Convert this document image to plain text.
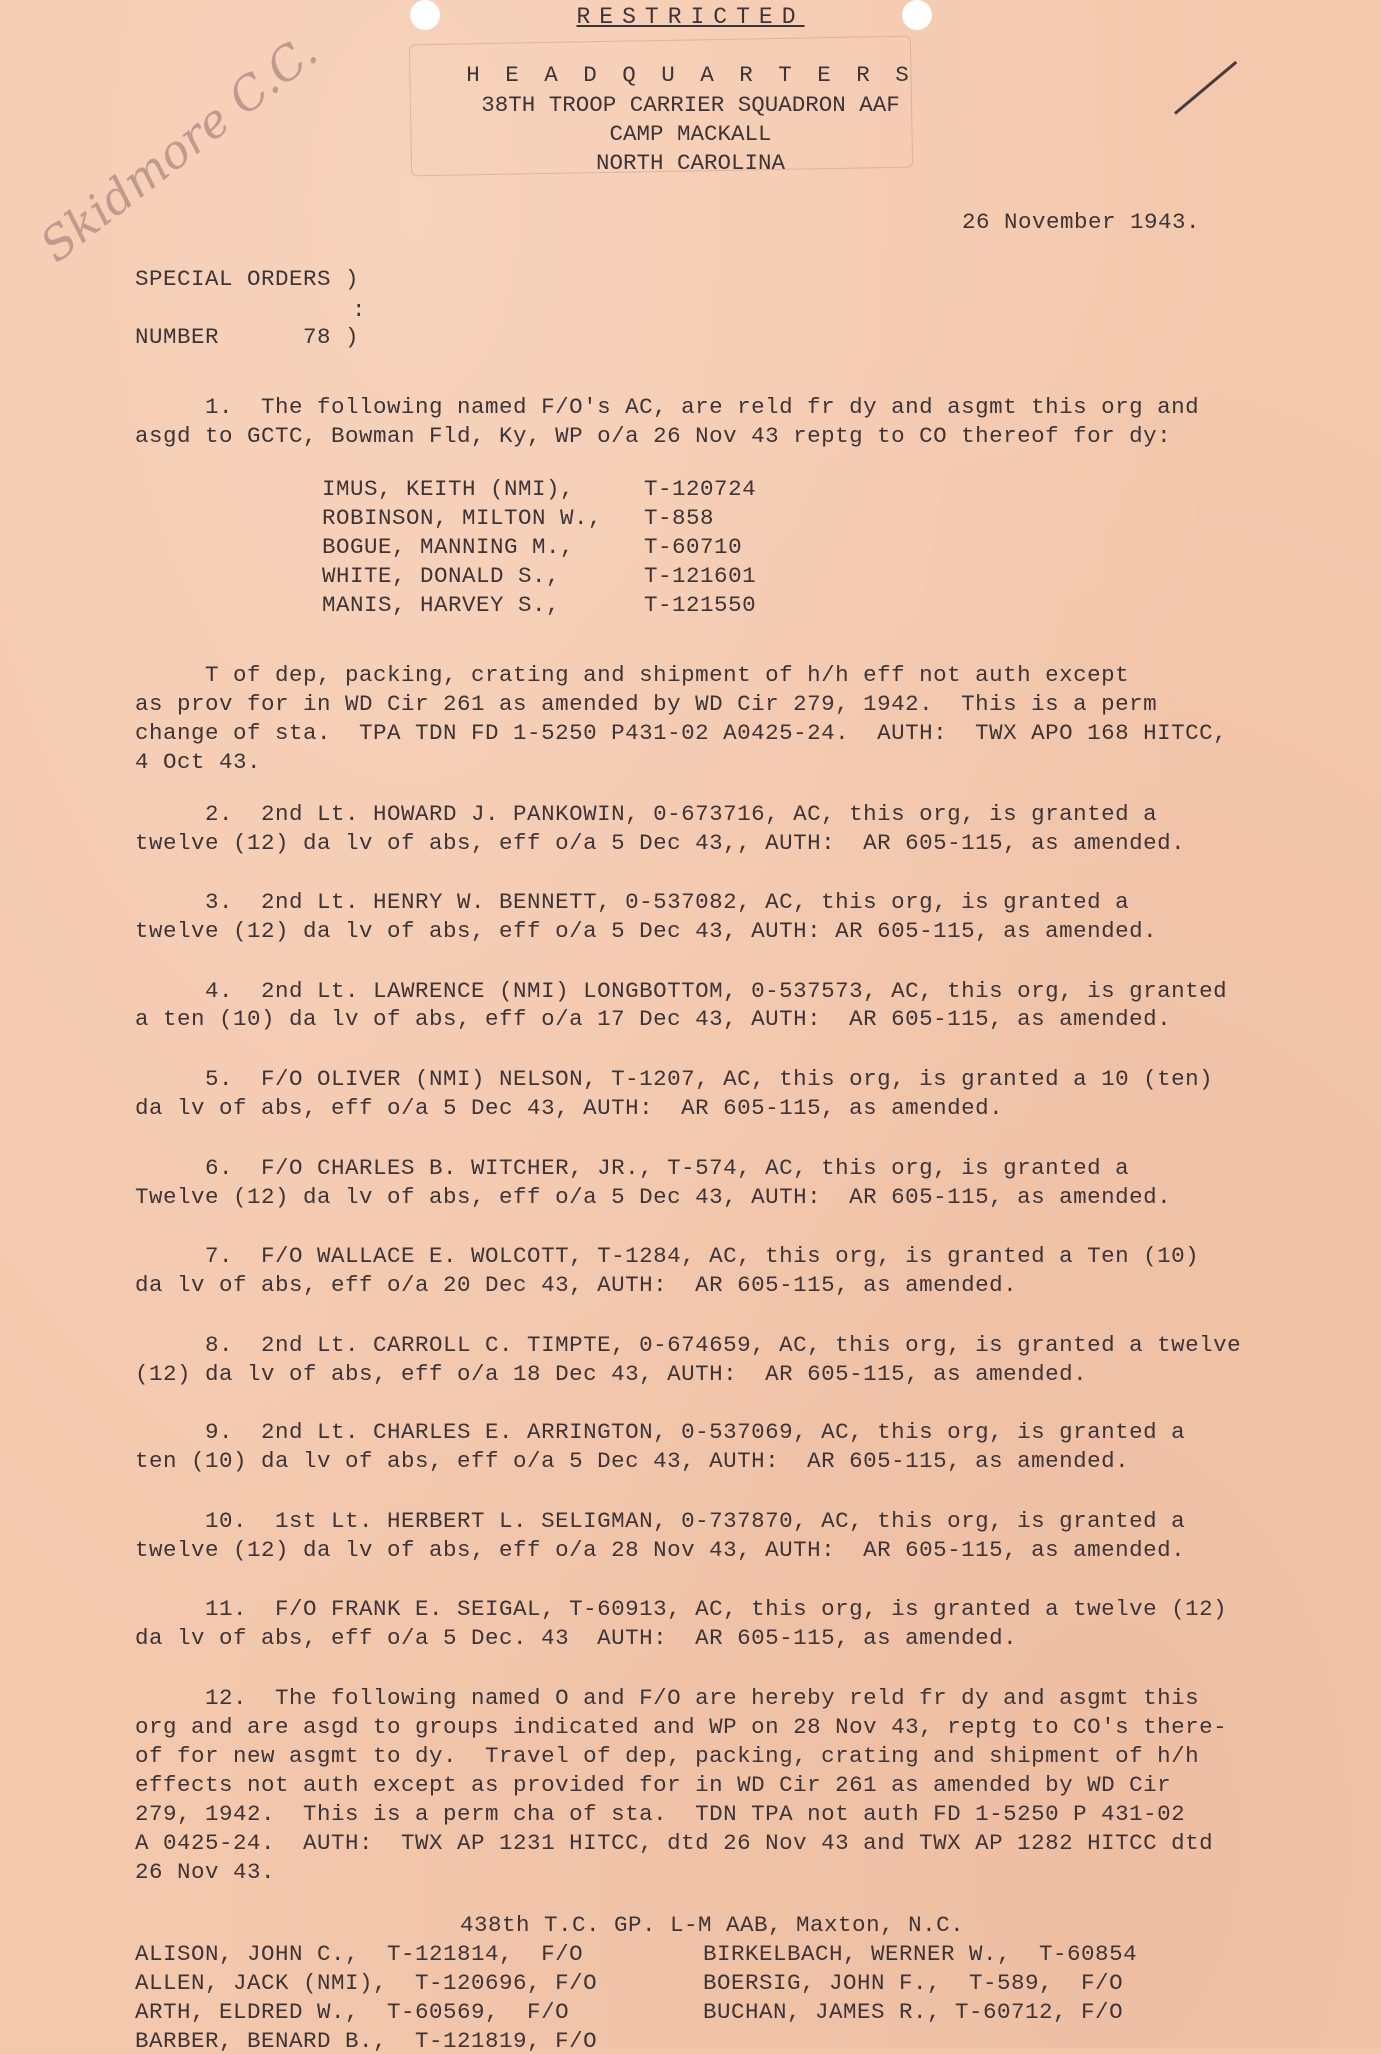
Skidmore C.C.
RESTRICTED
H E A D Q U A R T E R S
38TH TROOP CARRIER SQUADRON AAF
CAMP MACKALL
NORTH CAROLINA
26 November 1943.
SPECIAL ORDERS )
:
NUMBER      78 )
1.  The following named F/O's AC, are reld fr dy and asgmt this org and
asgd to GCTC, Bowman Fld, Ky, WP o/a 26 Nov 43 reptg to CO thereof for dy:
IMUS, KEITH (NMI),     T-120724
ROBINSON, MILTON W.,   T-858
BOGUE, MANNING M.,     T-60710
WHITE, DONALD S.,      T-121601
MANIS, HARVEY S.,      T-121550
T of dep, packing, crating and shipment of h/h eff not auth except
as prov for in WD Cir 261 as amended by WD Cir 279, 1942.  This is a perm
change of sta.  TPA TDN FD 1-5250 P431-02 A0425-24.  AUTH:  TWX APO 168 HITCC,
4 Oct 43.
2.  2nd Lt. HOWARD J. PANKOWIN, 0-673716, AC, this org, is granted a
twelve (12) da lv of abs, eff o/a 5 Dec 43,, AUTH:  AR 605-115, as amended.
3.  2nd Lt. HENRY W. BENNETT, 0-537082, AC, this org, is granted a
twelve (12) da lv of abs, eff o/a 5 Dec 43, AUTH: AR 605-115, as amended.
4.  2nd Lt. LAWRENCE (NMI) LONGBOTTOM, 0-537573, AC, this org, is granted
a ten (10) da lv of abs, eff o/a 17 Dec 43, AUTH:  AR 605-115, as amended.
5.  F/O OLIVER (NMI) NELSON, T-1207, AC, this org, is granted a 10 (ten)
da lv of abs, eff o/a 5 Dec 43, AUTH:  AR 605-115, as amended.
6.  F/O CHARLES B. WITCHER, JR., T-574, AC, this org, is granted a
Twelve (12) da lv of abs, eff o/a 5 Dec 43, AUTH:  AR 605-115, as amended.
7.  F/O WALLACE E. WOLCOTT, T-1284, AC, this org, is granted a Ten (10)
da lv of abs, eff o/a 20 Dec 43, AUTH:  AR 605-115, as amended.
8.  2nd Lt. CARROLL C. TIMPTE, 0-674659, AC, this org, is granted a twelve
(12) da lv of abs, eff o/a 18 Dec 43, AUTH:  AR 605-115, as amended.
9.  2nd Lt. CHARLES E. ARRINGTON, 0-537069, AC, this org, is granted a
ten (10) da lv of abs, eff o/a 5 Dec 43, AUTH:  AR 605-115, as amended.
10.  1st Lt. HERBERT L. SELIGMAN, 0-737870, AC, this org, is granted a
twelve (12) da lv of abs, eff o/a 28 Nov 43, AUTH:  AR 605-115, as amended.
11.  F/O FRANK E. SEIGAL, T-60913, AC, this org, is granted a twelve (12)
da lv of abs, eff o/a 5 Dec. 43  AUTH:  AR 605-115, as amended.
12.  The following named O and F/O are hereby reld fr dy and asgmt this
org and are asgd to groups indicated and WP on 28 Nov 43, reptg to CO's there-
of for new asgmt to dy.  Travel of dep, packing, crating and shipment of h/h
effects not auth except as provided for in WD Cir 261 as amended by WD Cir
279, 1942.  This is a perm cha of sta.  TDN TPA not auth FD 1-5250 P 431-02
A 0425-24.  AUTH:  TWX AP 1231 HITCC, dtd 26 Nov 43 and TWX AP 1282 HITCC dtd
26 Nov 43.
438th T.C. GP. L-M AAB, Maxton, N.C.
ALISON, JOHN C.,  T-121814,  F/O
ALLEN, JACK (NMI),  T-120696, F/O
ARTH, ELDRED W.,  T-60569,  F/O
BARBER, BENARD B.,  T-121819, F/O
BIRKELBACH, WERNER W.,  T-60854
BOERSIG, JOHN F.,  T-589,  F/O
BUCHAN, JAMES R., T-60712, F/O
